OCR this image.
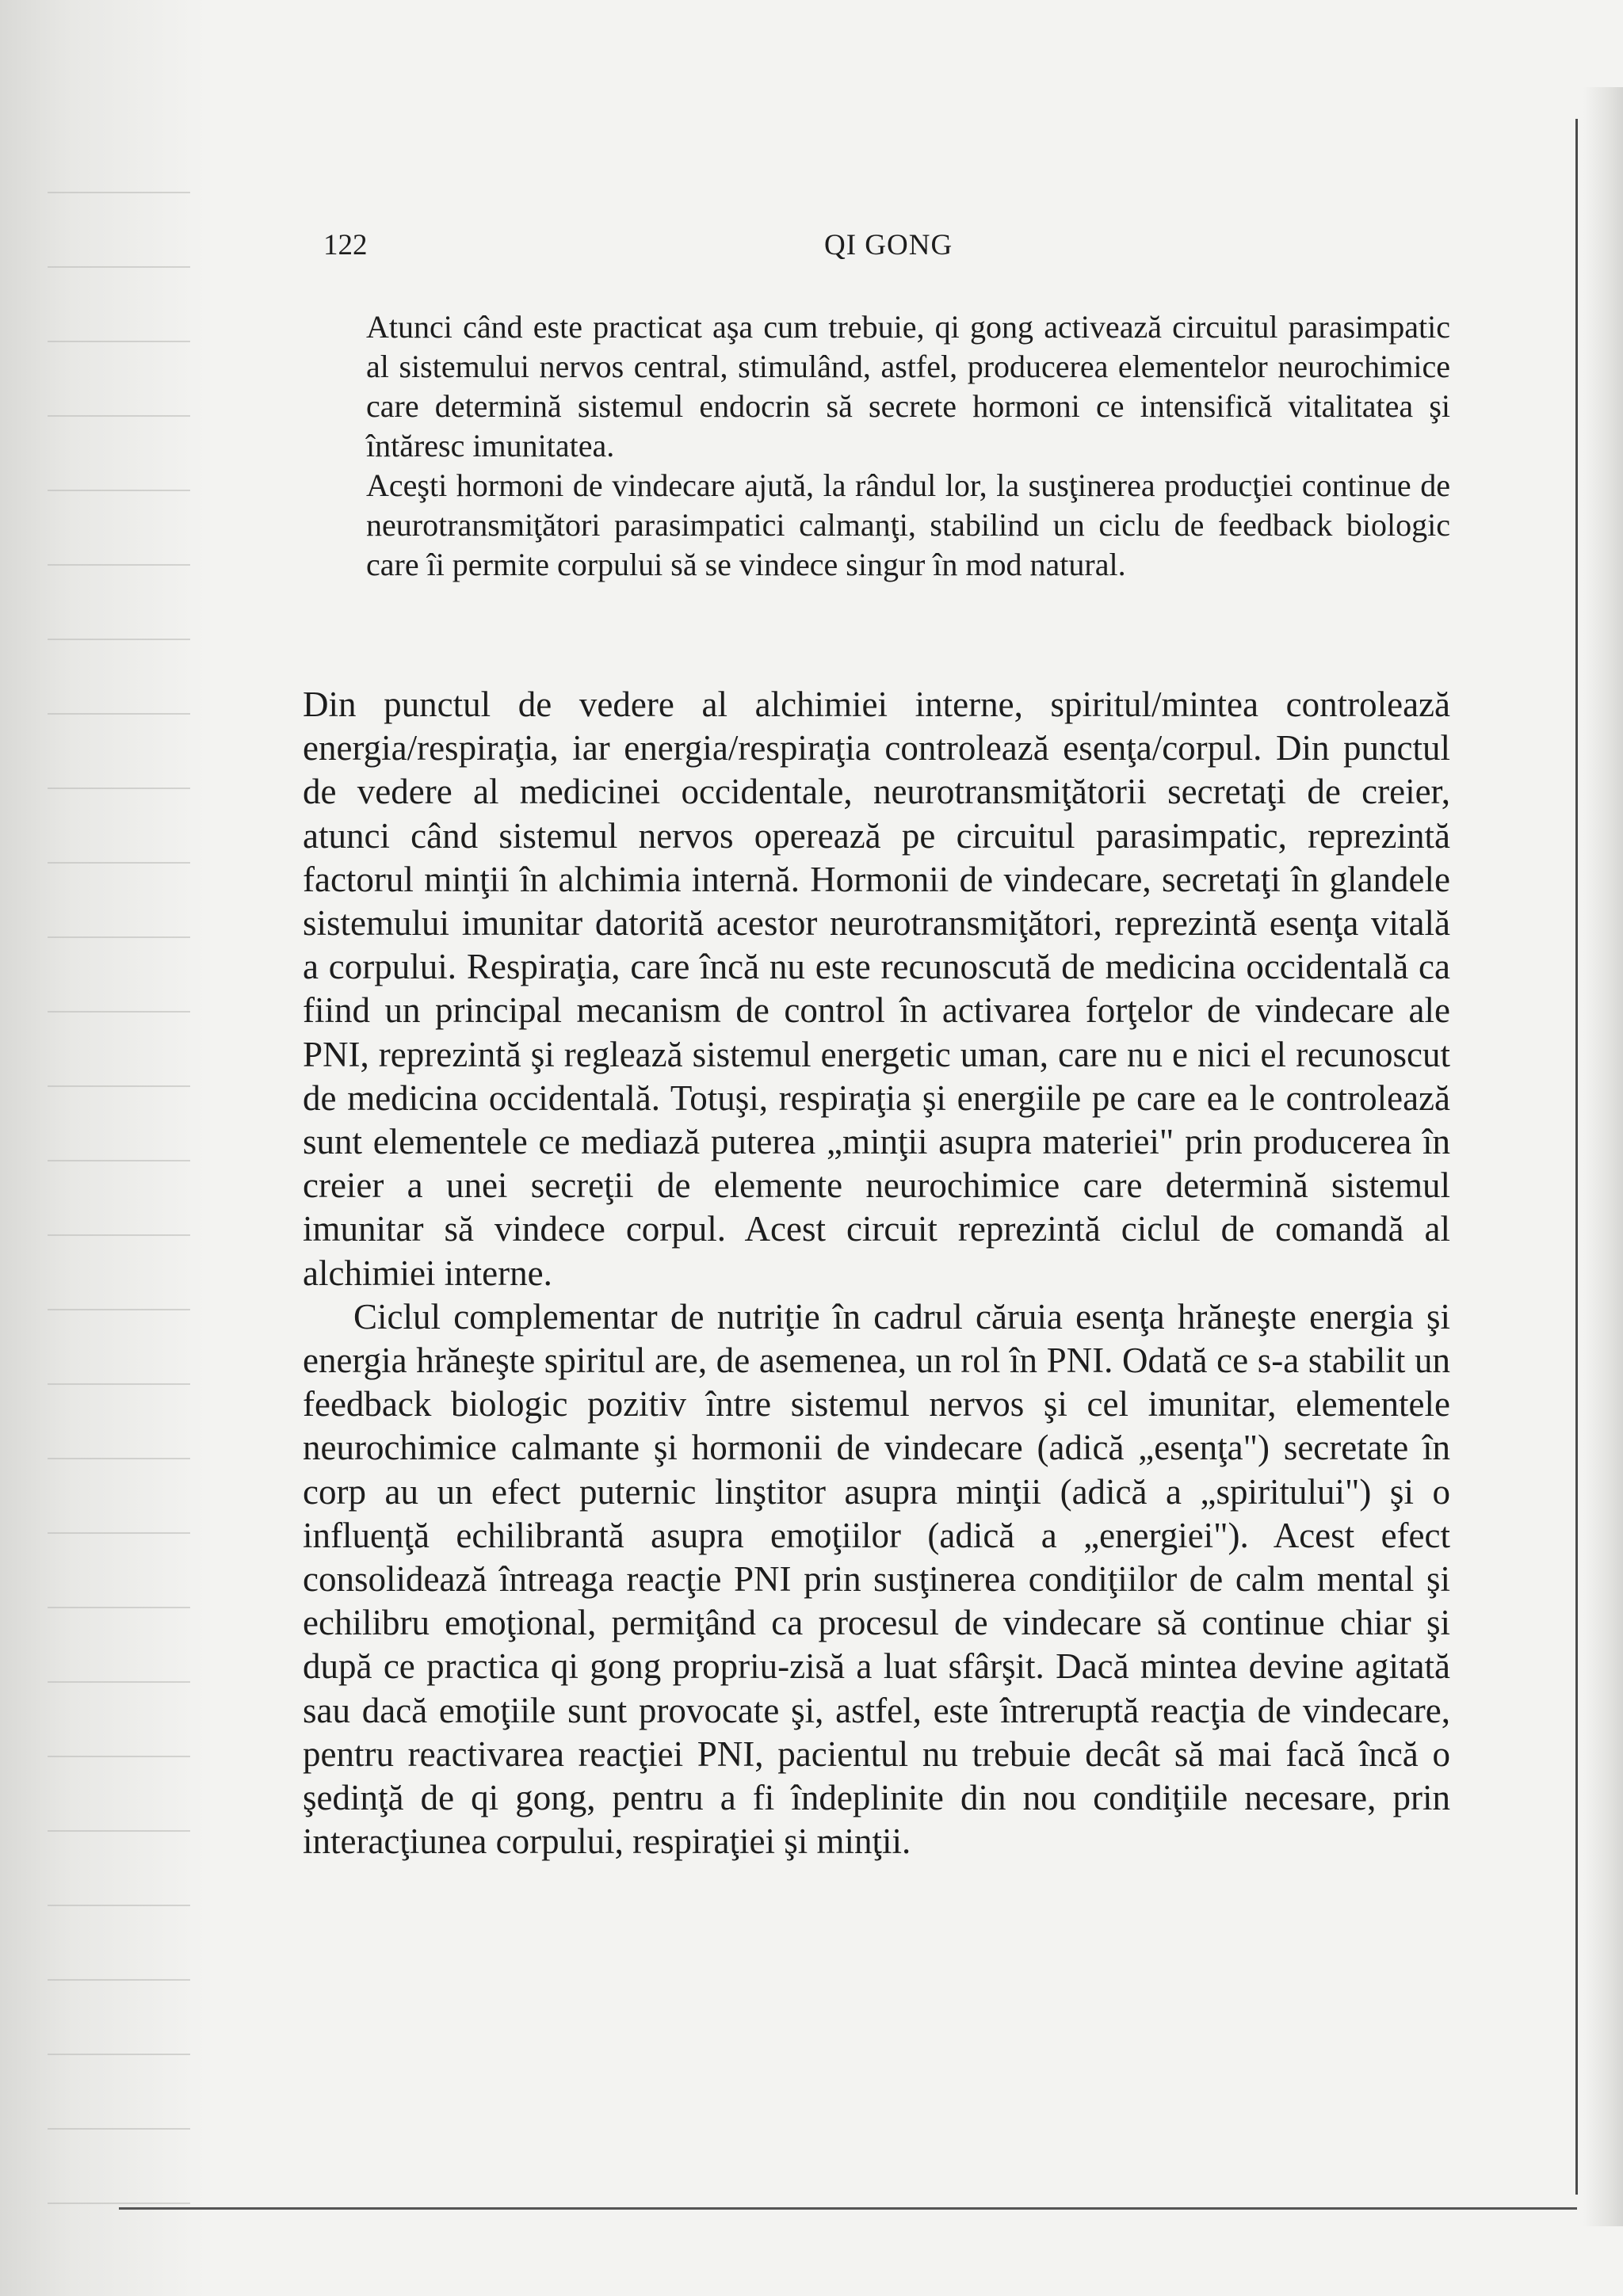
122	QI GONG

Atunci când este practicat aşa cum trebuie, qi gong activează circuitul parasimpatic al sistemului nervos central, stimulând, astfel, producerea elementelor neurochimice care determină sistemul endocrin să secrete hormoni ce intensifică vitalitatea şi întăresc imunitatea.

Aceşti hormoni de vindecare ajută, la rândul lor, la susţinerea producţiei continue de neurotransmiţători parasimpatici calmanţi, stabilind un ciclu de feedback biologic care îi permite corpului să se vindece singur în mod natural.

Din punctul de vedere al alchimiei interne, spiritul/mintea controlează energia/respiraţia, iar energia/respiraţia controlează esenţa/corpul. Din punctul de vedere al medicinei occidentale, neurotransmiţătorii secretaţi de creier, atunci când sistemul nervos operează pe circuitul parasimpatic, reprezintă factorul minţii în alchimia internă. Hormonii de vindecare, secretaţi în glandele sistemului imunitar datorită acestor neurotransmiţători, reprezintă esenţa vitală a corpului. Respiraţia, care încă nu este recunoscută de medicina occidentală ca fiind un principal mecanism de control în activarea forţelor de vindecare ale PNI, reprezintă şi reglează sistemul energetic uman, care nu e nici el recunoscut de medicina occidentală. Totuşi, respiraţia şi energiile pe care ea le controlează sunt elementele ce mediază puterea „minţii asupra materiei" prin producerea în creier a unei secreţii de elemente neurochimice care determină sistemul imunitar să vindece corpul. Acest circuit reprezintă ciclul de comandă al alchimiei interne.

Ciclul complementar de nutriţie în cadrul căruia esenţa hrăneşte energia şi energia hrăneşte spiritul are, de asemenea, un rol în PNI. Odată ce s-a stabilit un feedback biologic pozitiv între sistemul nervos şi cel imunitar, elementele neurochimice calmante şi hormonii de vindecare (adică „esenţa") secretate în corp au un efect puternic linştitor asupra minţii (adică a „spiritului") şi o influenţă echilibrantă asupra emoţiilor (adică a „energiei"). Acest efect consolidează întreaga reacţie PNI prin susţinerea condiţiilor de calm mental şi echilibru emoţional, permiţând ca procesul de vindecare să continue chiar şi după ce practica qi gong propriu-zisă a luat sfârşit. Dacă mintea devine agitată sau dacă emoţiile sunt provocate şi, astfel, este întreruptă reacţia de vindecare, pentru reactivarea reacţiei PNI, pacientul nu trebuie decât să mai facă încă o şedinţă de qi gong, pentru a fi îndeplinite din nou condiţiile necesare, prin interacţiunea corpului, respiraţiei şi minţii.
